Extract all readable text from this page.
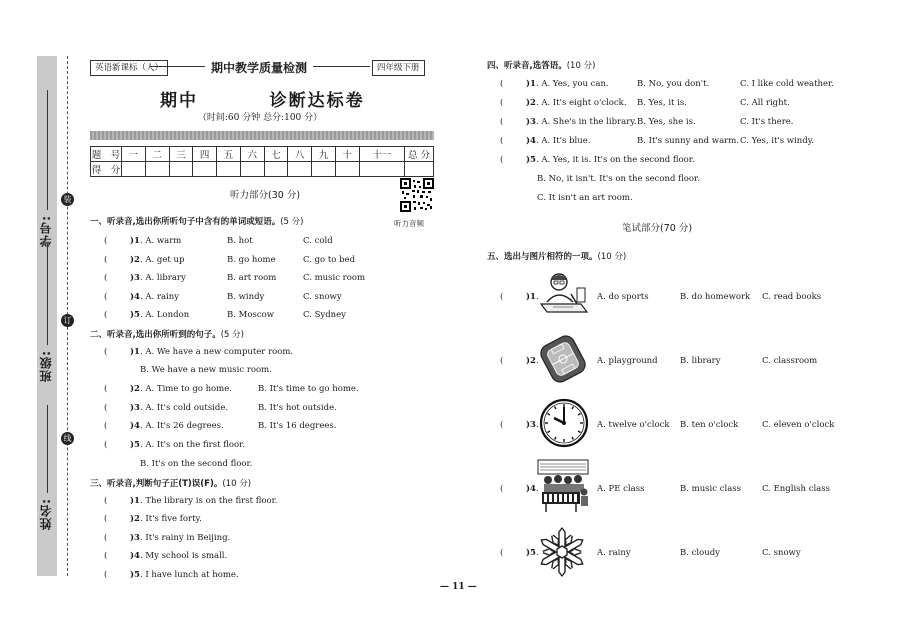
姓名:
班级:
学号:
装
订
线
英语新课标（人）	期中教学质量检测	四年级下册
期中    诊断达标卷
（时间:60 分钟 总分:100 分）
题　号	一	二	三	四	五	六	七	八	九	十	十一	总 分
得　分												
听力音频
听力部分(30 分)
一、听录音,选出你所听句子中含有的单词或短语。(5 分)
(	)1. A. warm	B. hot	C. cold
(	)2. A. get up	B. go home	C. go to bed
(	)3. A. library	B. art room	C. music room
(	)4. A. rainy	B. windy	C. snowy
(	)5. A. London	B. Moscow	C. Sydney
二、听录音,选出你所听到的句子。(5 分)
(	)1. A. We have a new computer room.
B. We have a new music room.
(	)2. A. Time to go home.	B. It's time to go home.
(	)3. A. It's cold outside.	B. It's hot outside.
(	)4. A. It's 26 degrees.	B. It's 16 degrees.
(	)5. A. It's on the first floor.
B. It's on the second floor.
三、听录音,判断句子正(T)误(F)。(10 分)
(	)1. The library is on the first floor.
(	)2. It's five forty.
(	)3. It's rainy in Beijing.
(	)4. My school is small.
(	)5. I have lunch at home.
四、听录音,选答语。(10 分)
(	)1. A. Yes, you can.	B. No, you don't.	C. I like cold weather.
(	)2. A. It's eight o'clock. B. Yes, it is.	C. All right.
(	)3. A. She's in the library. B. Yes, she is.	C. It's there.
(	)4. A. It's blue.	B. It's sunny and warm. C. Yes, it's windy.
(	)5. A. Yes, it is. It's on the second floor.
B. No, it isn't. It's on the second floor.
C. It isn't an art room.
笔试部分(70 分)
五、选出与图片相符的一项。(10 分)
(	)1.	A. do sports	B. do homework C. read books
(	)2.	A. playground	B. library	C. classroom
(	)3.	A. twelve o'clock B. ten o'clock	C. eleven o'clock
(	)4.	A. PE class	B. music class C. English class
(	)5.	A. rainy	B. cloudy	C. snowy
— 11 —
